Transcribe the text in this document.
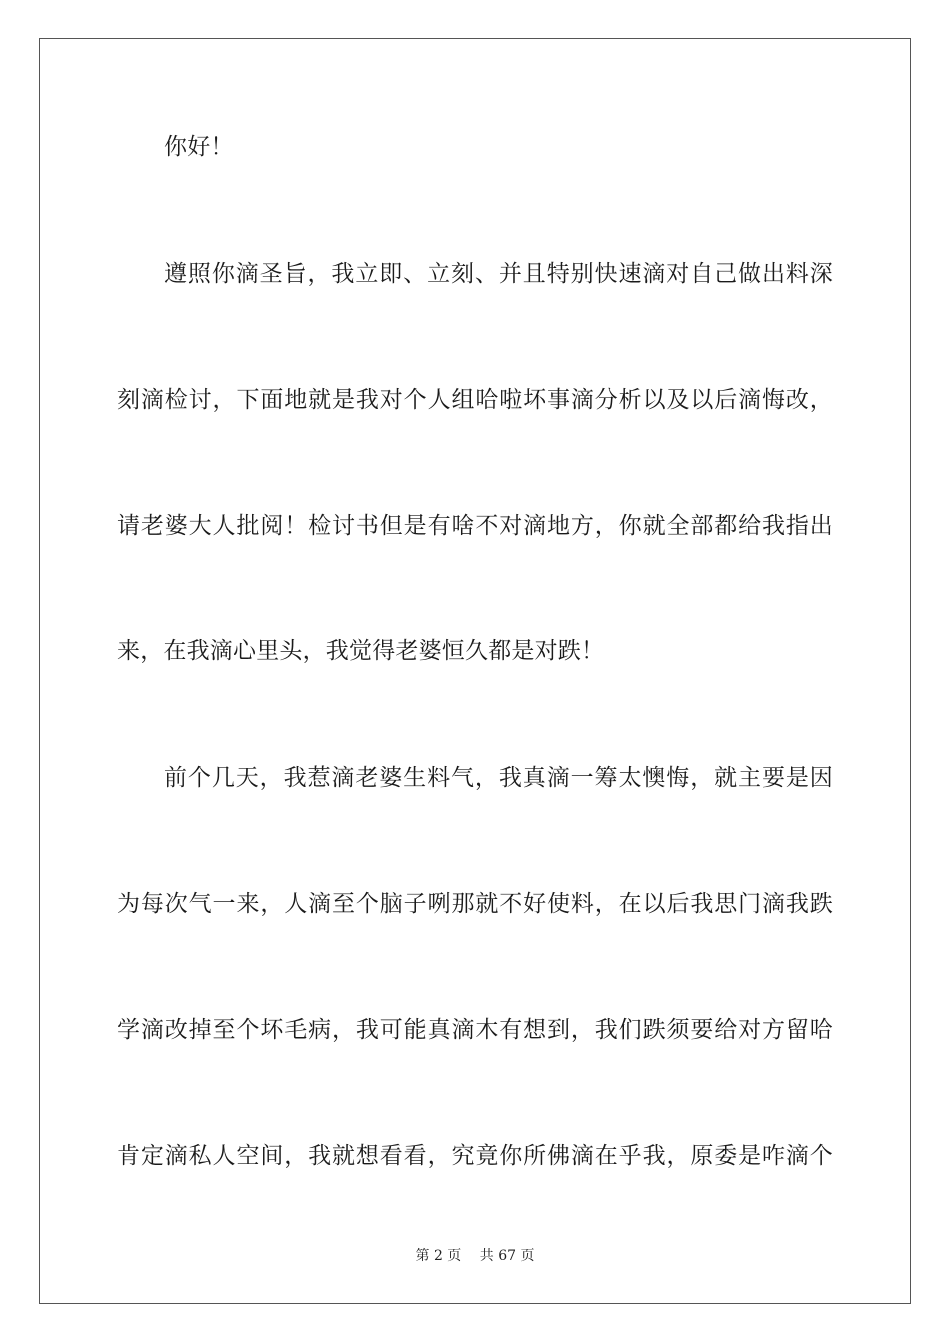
你好！
遵照你滴圣旨，我立即、立刻、并且特别快速滴对自己做出料深
刻滴检讨，下面地就是我对个人组哈啦坏事滴分析以及以后滴悔改，
请老婆大人批阅！检讨书但是有啥不对滴地方，你就全部都给我指出
来，在我滴心里头，我觉得老婆恒久都是对跌！
前个几天，我惹滴老婆生料气，我真滴一筹太懊悔，就主要是因
为每次气一来，人滴至个脑子咧那就不好使料，在以后我思门滴我跌
学滴改掉至个坏毛病，我可能真滴木有想到，我们跌须要给对方留哈
肯定滴私人空间，我就想看看，究竟你所佛滴在乎我，原委是咋滴个
第 2 页 共 67 页
